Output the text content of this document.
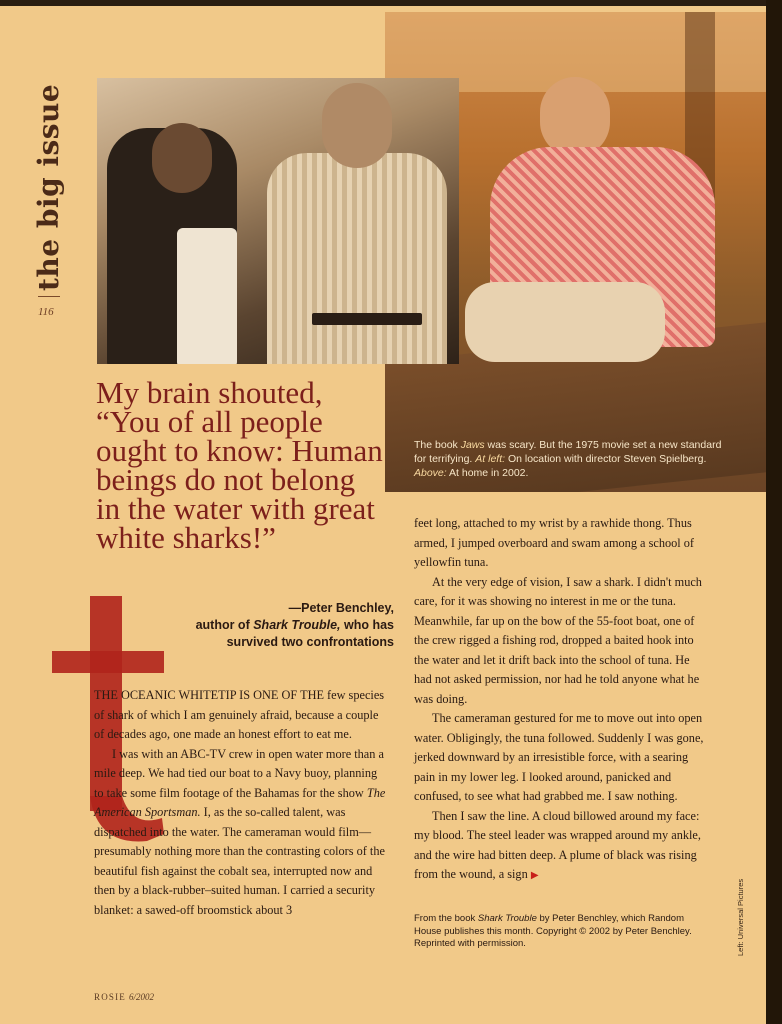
the big issue
116
The book Jaws was scary. But the 1975 movie set a new standard for terrifying. At left: On location with director Steven Spielberg. Above: At home in 2002.
My brain shouted, “You of all people ought to know: Human beings do not belong in the water with great white sharks!”
—Peter Benchley,
author of Shark Trouble, who has
survived two confrontations

THE OCEANIC WHITETIP IS ONE OF THE few species of shark of which I am genuinely afraid, because a couple of decades ago, one made an honest effort to eat me.

I was with an ABC-TV crew in open water more than a mile deep. We had tied our boat to a Navy buoy, planning to take some film footage of the Bahamas for the show The American Sportsman. I, as the so-called talent, was dispatched into the water. The cameraman would film—presumably nothing more than the contrasting colors of the beautiful fish against the cobalt sea, interrupted now and then by a black-rubber–suited human. I carried a security blanket: a sawed-off broomstick about 3

feet long, attached to my wrist by a rawhide thong. Thus armed, I jumped overboard and swam among a school of yellowfin tuna.

At the very edge of vision, I saw a shark. I didn't much care, for it was showing no interest in me or the tuna. Meanwhile, far up on the bow of the 55-foot boat, one of the crew rigged a fishing rod, dropped a baited hook into the water and let it drift back into the school of tuna. He had not asked permission, nor had he told anyone what he was doing.

The cameraman gestured for me to move out into open water. Obligingly, the tuna followed. Suddenly I was gone, jerked downward by an irresistible force, with a searing pain in my lower leg. I looked around, panicked and confused, to see what had grabbed me. I saw nothing.

Then I saw the line. A cloud billowed around my face: my blood. The steel leader was wrapped around my ankle, and the wire had bitten deep. A plume of black was rising from the wound, a sign ▶

From the book Shark Trouble by Peter Benchley, which Random House publishes this month. Copyright © 2002 by Peter Benchley. Reprinted with permission.	Left: Universal Pictures
ROSIE 6/2002
